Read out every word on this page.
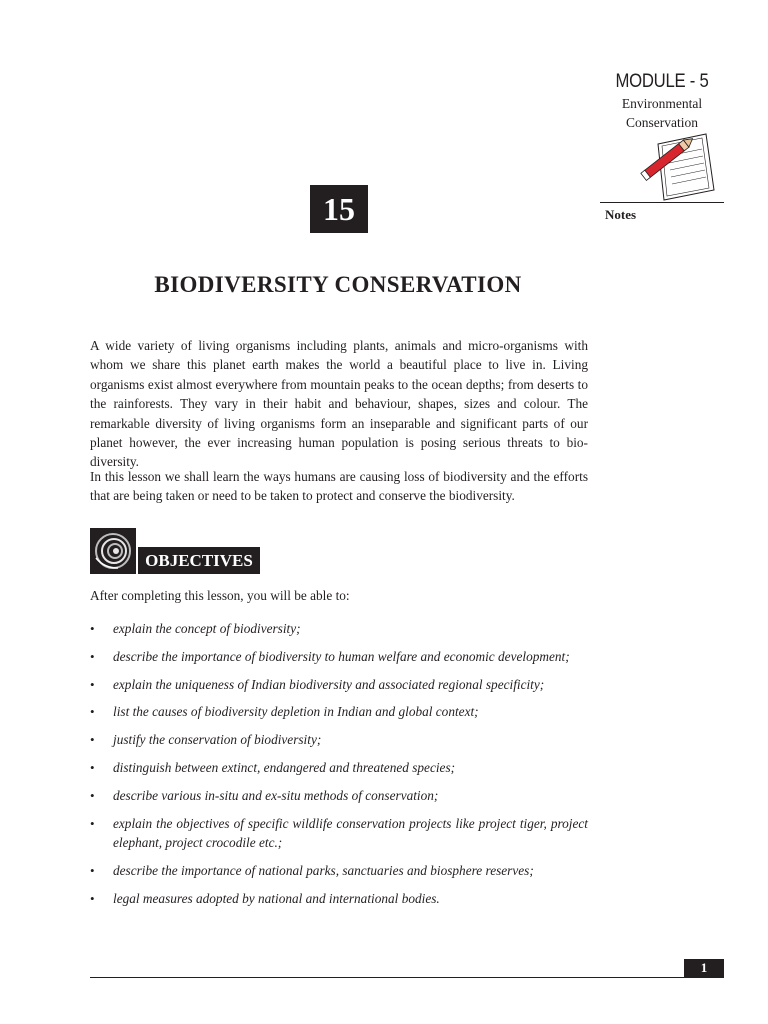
MODULE - 5
Environmental
Conservation
Notes
15
BIODIVERSITY CONSERVATION

A wide variety of living organisms including plants, animals and micro-organisms with whom we share this planet earth makes the world a beautiful place to live in. Living organisms exist almost everywhere from mountain peaks to the ocean depths; from deserts to the rainforests. They vary in their habit and behaviour, shapes, sizes and colour. The remarkable diversity of living organisms form an inseparable and significant parts of our planet however, the ever increasing human population is posing serious threats to bio-diversity.

In this lesson we shall learn the ways humans are causing loss of biodiversity and the efforts that are being taken or need to be taken to protect and conserve the biodiversity.

OBJECTIVES
After completing this lesson, you will be able to:
• explain the concept of biodiversity;
• describe the importance of biodiversity to human welfare and economic development;
• explain the uniqueness of Indian biodiversity and associated regional specificity;
• list the causes of biodiversity depletion in Indian and global context;
• justify the conservation of biodiversity;
• distinguish between extinct, endangered and threatened species;
• describe various in-situ and ex-situ methods of conservation;
• explain the objectives of specific wildlife conservation projects like project tiger, project elephant, project crocodile etc.;
• describe the importance of national parks, sanctuaries and biosphere reserves;
• legal measures adopted by national and international bodies.
1
